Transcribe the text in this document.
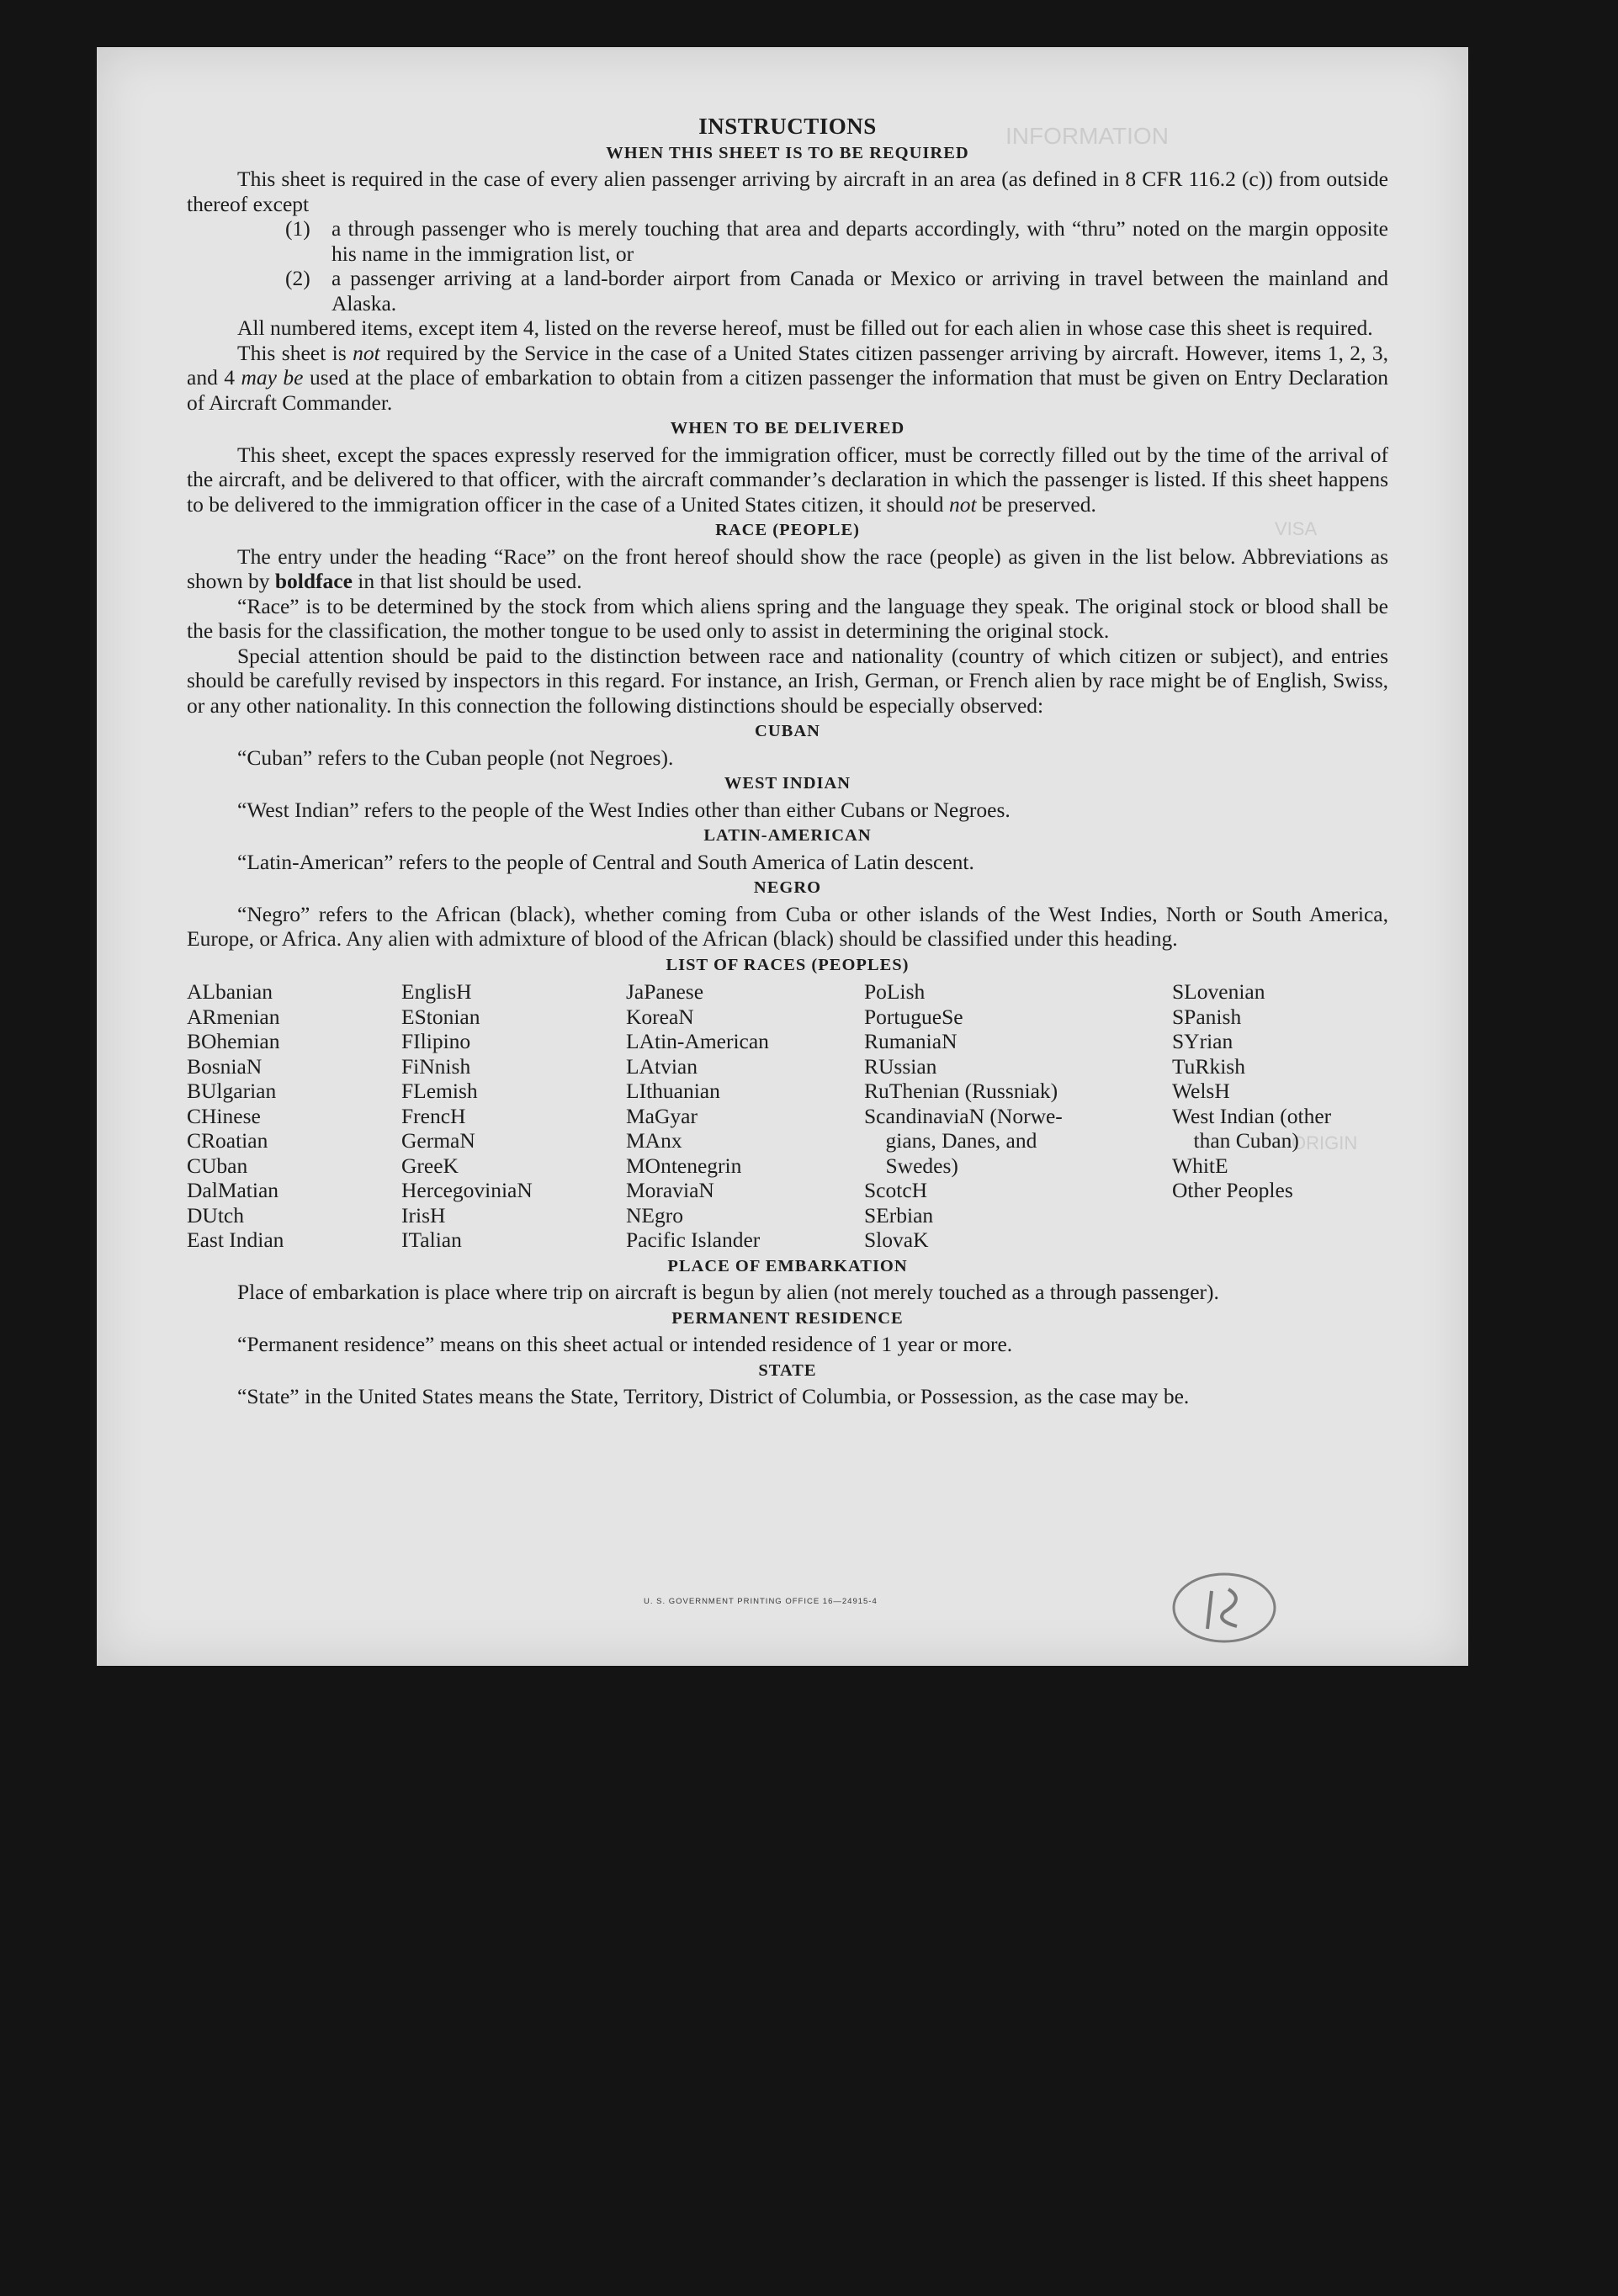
INFORMATION
VISA
ORIGIN
INSTRUCTIONS
WHEN THIS SHEET IS TO BE REQUIRED

This sheet is required in the case of every alien passenger arriving by aircraft in an area (as defined in 8 CFR 116.2 (c)) from outside thereof except

(1) a through passenger who is merely touching that area and departs accordingly, with “thru” noted on the margin opposite his name in the immigration list, or
(2) a passenger arriving at a land-border airport from Canada or Mexico or arriving in travel between the mainland and Alaska.

All numbered items, except item 4, listed on the reverse hereof, must be filled out for each alien in whose case this sheet is required.

This sheet is not required by the Service in the case of a United States citizen passenger arriving by aircraft. However, items 1, 2, 3, and 4 may be used at the place of embarkation to obtain from a citizen passenger the information that must be given on Entry Declaration of Aircraft Commander.

WHEN TO BE DELIVERED

This sheet, except the spaces expressly reserved for the immigration officer, must be correctly filled out by the time of the arrival of the aircraft, and be delivered to that officer, with the aircraft commander’s declaration in which the passenger is listed. If this sheet happens to be delivered to the immigration officer in the case of a United States citizen, it should not be preserved.

RACE (PEOPLE)

The entry under the heading “Race” on the front hereof should show the race (people) as given in the list below. Abbreviations as shown by boldface in that list should be used.

“Race” is to be determined by the stock from which aliens spring and the language they speak. The original stock or blood shall be the basis for the classification, the mother tongue to be used only to assist in determining the original stock.

Special attention should be paid to the distinction between race and nationality (country of which citizen or subject), and entries should be carefully revised by inspectors in this regard. For instance, an Irish, German, or French alien by race might be of English, Swiss, or any other nationality. In this connection the following distinctions should be especially observed:

CUBAN

“Cuban” refers to the Cuban people (not Negroes).

WEST INDIAN

“West Indian” refers to the people of the West Indies other than either Cubans or Negroes.

LATIN-AMERICAN

“Latin-American” refers to the people of Central and South America of Latin descent.

NEGRO

“Negro” refers to the African (black), whether coming from Cuba or other islands of the West Indies, North or South America, Europe, or Africa. Any alien with admixture of blood of the African (black) should be classified under this heading.

LIST OF RACES (PEOPLES)
ALbanian
ARmenian
BOhemian
BosniaN
BUlgarian
CHinese
CRoatian
CUban
DalMatian
DUtch
East Indian
EnglisH
EStonian
FIlipino
FiNnish
FLemish
FrencH
GermaN
GreeK
HercegoviniaN
IrisH
ITalian
JaPanese
KoreaN
LAtin-American
LAtvian
LIthuanian
MaGyar
MAnx
MOntenegrin
MoraviaN
NEgro
Pacific Islander
PoLish
PortugueSe
RumaniaN
RUssian
RuThenian (Russniak)
ScandinaviaN (Norwe-
gians, Danes, and
Swedes)
ScotcH
SErbian
SlovaK
SLovenian
SPanish
SYrian
TuRkish
WelsH
West Indian (other
than Cuban)
WhitE
Other Peoples
PLACE OF EMBARKATION

Place of embarkation is place where trip on aircraft is begun by alien (not merely touched as a through passenger).

PERMANENT RESIDENCE

“Permanent residence” means on this sheet actual or intended residence of 1 year or more.

STATE

“State” in the United States means the State, Territory, District of Columbia, or Possession, as the case may be.

U. S. GOVERNMENT PRINTING OFFICE 16—24915-4
